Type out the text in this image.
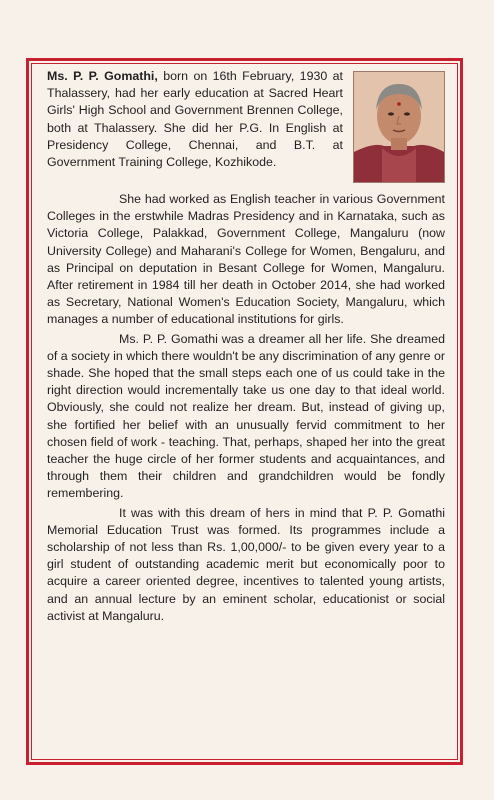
Ms. P. P. Gomathi, born on 16th February, 1930 at Thalassery, had her early education at Sacred Heart Girls' High School and Government Brennen College, both at Thalassery. She did her P.G. In English at Presidency College, Chennai, and B.T. at Government Training College, Kozhikode.

She had worked as English teacher in various Government Colleges in the erstwhile Madras Presidency and in Karnataka, such as Victoria College, Palakkad, Government College, Mangaluru (now University College) and Maharani's College for Women, Bengaluru, and as Principal on deputation in Besant College for Women, Mangaluru. After retirement in 1984 till her death in October 2014, she had worked as Secretary, National Women's Education Society, Mangaluru, which manages a number of educational institutions for girls.

Ms. P. P. Gomathi was a dreamer all her life. She dreamed of a society in which there wouldn't be any discrimination of any genre or shade. She hoped that the small steps each one of us could take in the right direction would incrementally take us one day to that ideal world. Obviously, she could not realize her dream. But, instead of giving up, she fortified her belief with an unusually fervid commitment to her chosen field of work - teaching. That, perhaps, shaped her into the great teacher the huge circle of her former students and acquaintances, and through them their children and grandchildren would be fondly remembering.

It was with this dream of hers in mind that P. P. Gomathi Memorial Education Trust was formed. Its programmes include a scholarship of not less than Rs. 1,00,000/- to be given every year to a girl student of outstanding academic merit but economically poor to acquire a career oriented degree, incentives to talented young artists, and an annual lecture by an eminent scholar, educationist or social activist at Mangaluru.
